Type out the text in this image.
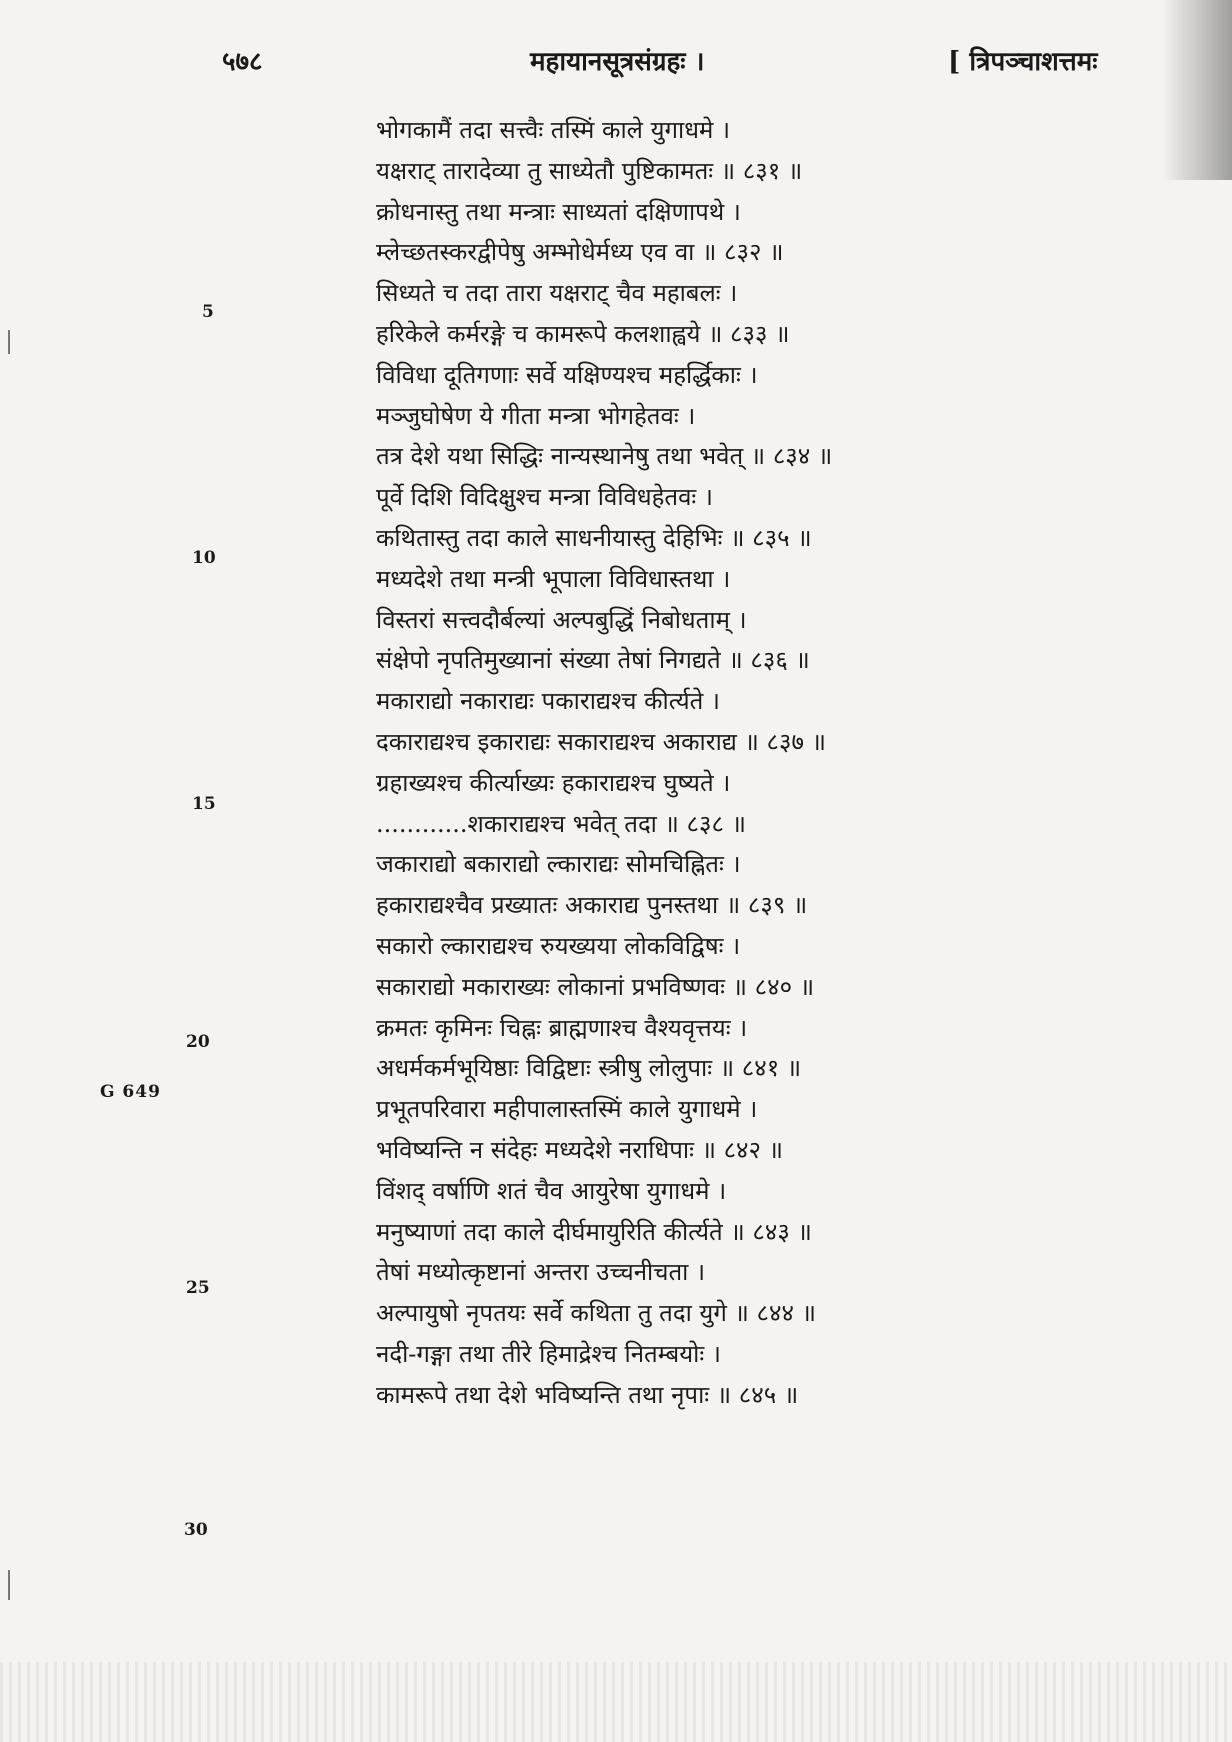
५७८	महायानसूत्रसंग्रहः ।	[ त्रिपञ्चाशत्तमः
5
10
15
20
25
30
G 649
भोगकामैं तदा सत्त्वैः तस्मिं काले युगाधमे ।
यक्षराट् तारादेव्या तु साध्येतौ पुष्टिकामतः ॥ ८३१ ॥
क्रोधनास्तु तथा मन्त्राः साध्यतां दक्षिणापथे ।
म्लेच्छतस्करद्वीपेषु अम्भोधेर्मध्य एव वा ॥ ८३२ ॥
सिध्यते च तदा तारा यक्षराट् चैव महाबलः ।
हरिकेले कर्मरङ्गे च कामरूपे कलशाह्वये ॥ ८३३ ॥
विविधा दूतिगणाः सर्वे यक्षिण्यश्च महर्द्धिकाः ।
मञ्जुघोषेण ये गीता मन्त्रा भोगहेतवः ।
तत्र देशे यथा सिद्धिः नान्यस्थानेषु तथा भवेत् ॥ ८३४ ॥
पूर्वे दिशि विदिक्षुश्च मन्त्रा विविधहेतवः ।
कथितास्तु तदा काले साधनीयास्तु देहिभिः ॥ ८३५ ॥
मध्यदेशे तथा मन्त्री भूपाला विविधास्तथा ।
विस्तरां सत्त्वदौर्बल्यां अल्पबुद्धिं निबोधताम् ।
संक्षेपो नृपतिमुख्यानां संख्या तेषां निगद्यते ॥ ८३६ ॥
मकाराद्यो नकाराद्यः पकाराद्यश्च कीर्त्यते ।
दकाराद्यश्च इकाराद्यः सकाराद्यश्च अकाराद्य ॥ ८३७ ॥
ग्रहाख्यश्च कीर्त्याख्यः हकाराद्यश्च घुष्यते ।
............शकाराद्यश्च भवेत् तदा ॥ ८३८ ॥
जकाराद्यो बकाराद्यो ल्काराद्यः सोमचिह्नितः ।
हकाराद्यश्चैव प्रख्यातः अकाराद्य पुनस्तथा ॥ ८३९ ॥
सकारो ल्काराद्यश्च रुयख्यया लोकविद्विषः ।
सकाराद्यो मकाराख्यः लोकानां प्रभविष्णवः ॥ ८४० ॥
क्रमतः कृमिनः चिह्नः ब्राह्मणाश्च वैश्यवृत्तयः ।
अधर्मकर्मभूयिष्ठाः विद्विष्टाः स्त्रीषु लोलुपाः ॥ ८४१ ॥
प्रभूतपरिवारा महीपालास्तस्मिं काले युगाधमे ।
भविष्यन्ति न संदेहः मध्यदेशे नराधिपाः ॥ ८४२ ॥
विंशद् वर्षाणि शतं चैव आयुरेषा युगाधमे ।
मनुष्याणां तदा काले दीर्घमायुरिति कीर्त्यते ॥ ८४३ ॥
तेषां मध्योत्कृष्टानां अन्तरा उच्चनीचता ।
अल्पायुषो नृपतयः सर्वे कथिता तु तदा युगे ॥ ८४४ ॥
नदी-गङ्गा तथा तीरे हिमाद्रेश्च नितम्बयोः ।
कामरूपे तथा देशे भविष्यन्ति तथा नृपाः ॥ ८४५ ॥
